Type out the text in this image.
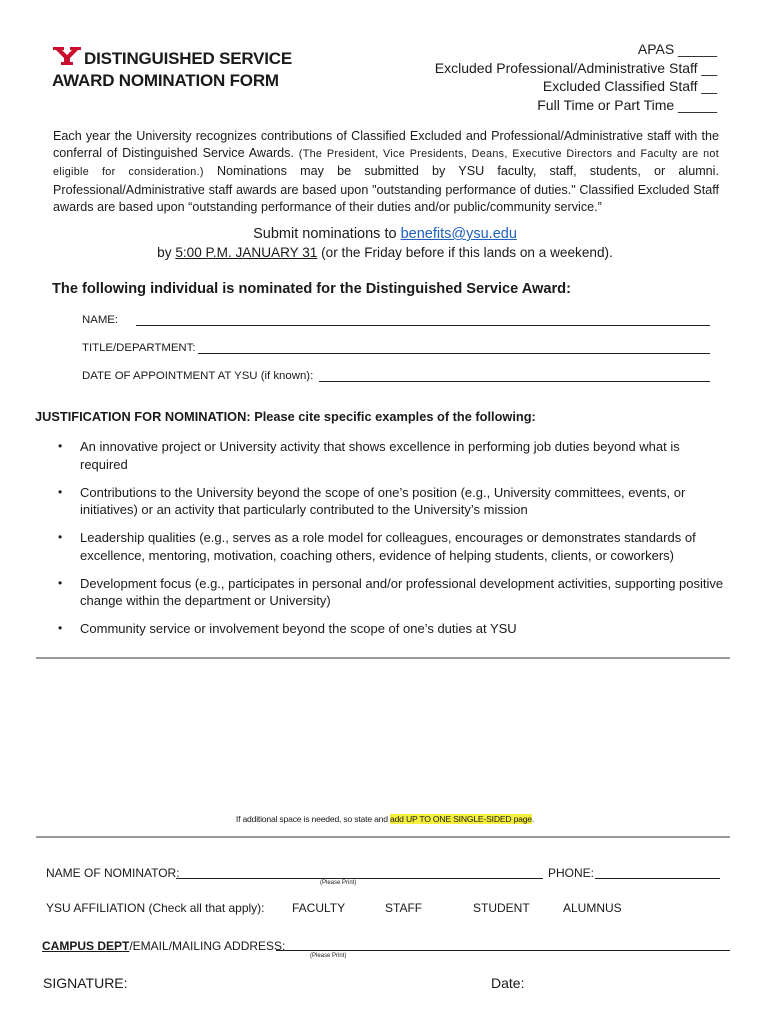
DISTINGUISHED SERVICE
AWARD NOMINATION FORM
APAS _____
Excluded Professional/Administrative Staff __
Excluded Classified Staff __
Full Time or Part Time _____
Each year the University recognizes contributions of Classified Excluded and Professional/Administrative staff with the conferral of Distinguished Service Awards. (The President, Vice Presidents, Deans, Executive Directors and Faculty are not eligible for consideration.) Nominations may be submitted by YSU faculty, staff, students, or alumni. Professional/Administrative staff awards are based upon "outstanding performance of duties." Classified Excluded Staff awards are based upon “outstanding performance of their duties and/or public/community service.”
Submit nominations to benefits@ysu.edu
by 5:00 P.M. JANUARY 31 (or the Friday before if this lands on a weekend).
The following individual is nominated for the Distinguished Service Award:
NAME:
TITLE/DEPARTMENT:
DATE OF APPOINTMENT AT YSU (if known):
JUSTIFICATION FOR NOMINATION: Please cite specific examples of the following:
• An innovative project or University activity that shows excellence in performing job duties beyond what is required
• Contributions to the University beyond the scope of one’s position (e.g., University committees, events, or initiatives) or an activity that particularly contributed to the University’s mission
• Leadership qualities (e.g., serves as a role model for colleagues, encourages or demonstrates standards of excellence, mentoring, motivation, coaching others, evidence of helping students, clients, or coworkers)
• Development focus (e.g., participates in personal and/or professional development activities, supporting positive change within the department or University)
• Community service or involvement beyond the scope of one’s duties at YSU
If additional space is needed, so state and add UP TO ONE SINGLE-SIDED page.
NAME OF NOMINATOR:
(Please Print)
PHONE:
YSU AFFILIATION (Check all that apply): FACULTY	STAFF	STUDENT	ALUMNUS
CAMPUS DEPT/EMAIL/MAILING ADDRESS:
(Please Print)
SIGNATURE:	Date:
